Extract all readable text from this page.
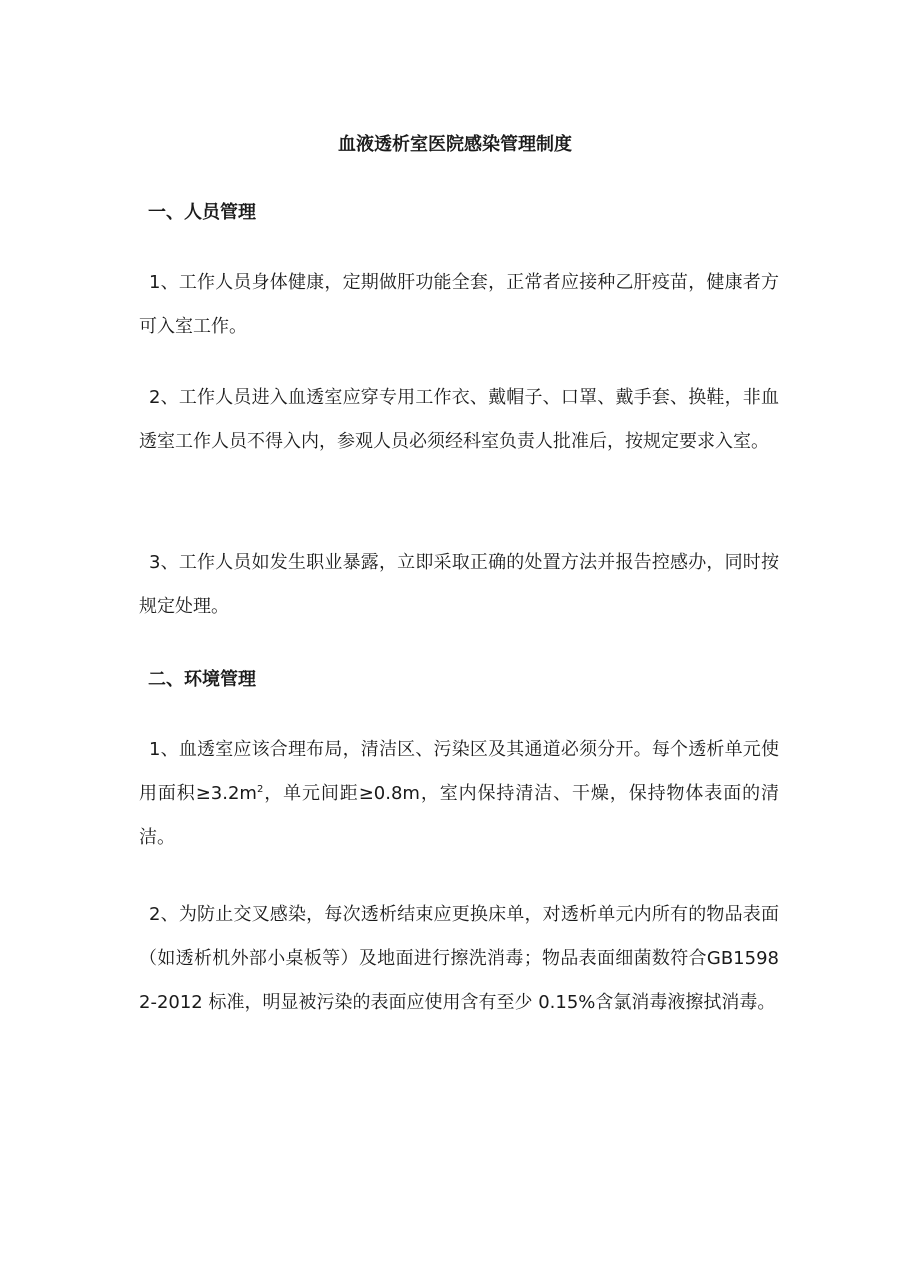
血液透析室医院感染管理制度
一、人员管理

1、工作人员身体健康，定期做肝功能全套，正常者应接种乙肝疫苗，健康者方可入室工作。

2、工作人员进入血透室应穿专用工作衣、戴帽子、口罩、戴手套、换鞋，非血透室工作人员不得入内，参观人员必须经科室负责人批准后，按规定要求入室。

3、工作人员如发生职业暴露，立即采取正确的处置方法并报告控感办，同时按规定处理。

二、环境管理

1、血透室应该合理布局，清洁区、污染区及其通道必须分开。每个透析单元使用面积$\ge 3.2m^2$，单元间距≥0.8m，室内保持清洁、干燥，保持物体表面的清洁。

2、为防止交叉感染，每次透析结束应更换床单，对透析单元内所有的物品表面（如透析机外部小桌板等）及地面进行擦洗消毒；物品表面细菌数符合GB15982-2012 标准，明显被污染的表面应使用含有至少 0.15%含氯消毒液擦拭消毒。
